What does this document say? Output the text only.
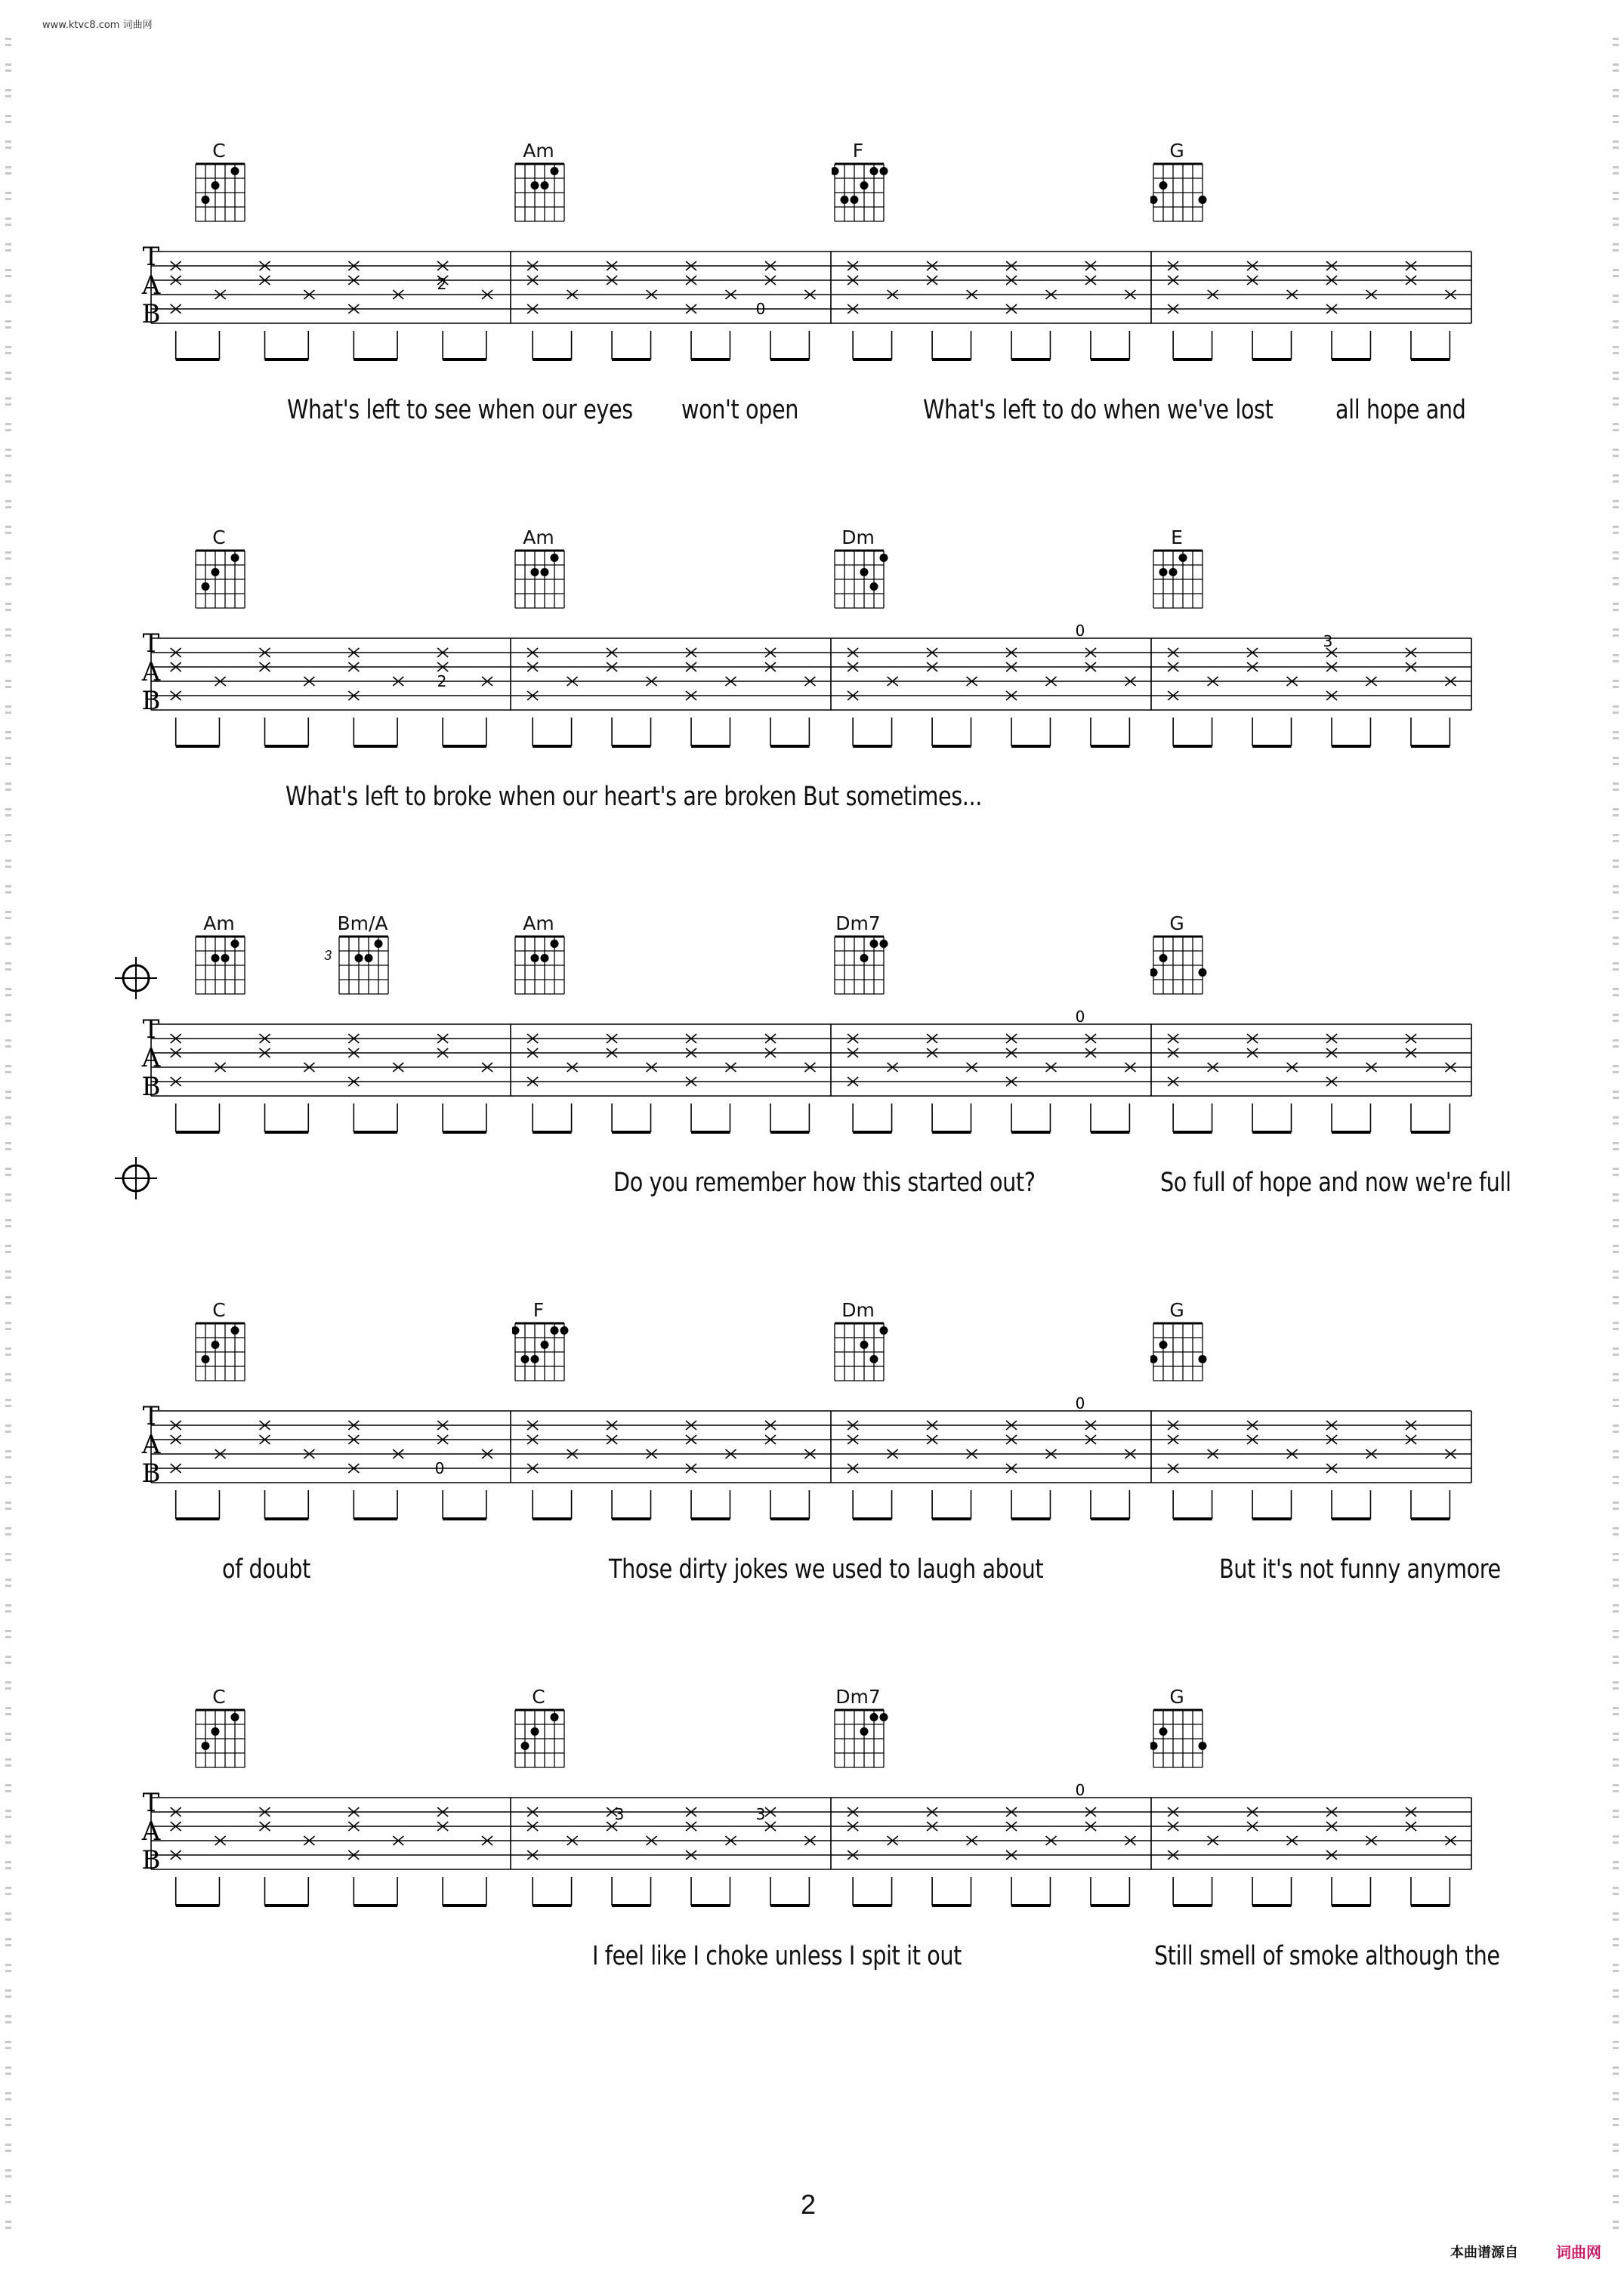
www.ktvc8.com 词曲网
C	Am	F	G
T
A
B
2
0
What's left to see when our eyes won't open	What's left to do when we've lost all hope and
C	Am	Dm	E
T
A
B
2
0
3
What's left to broke when our heart's are broken But sometimes...
Am	Bm/A
3
Am	Dm7	G
T
A
B
0
Do you remember how this started out?	So full of hope and now we're full
C	F	Dm	G
T
A
B	0
0
of doubt	Those dirty jokes we used to laugh about	But it's not funny anymore
C	C	Dm7	G
T
A
B
3	3
0
I feel like I choke unless I spit it out	Still smell of smoke although the
2
本曲谱源自	词曲网
